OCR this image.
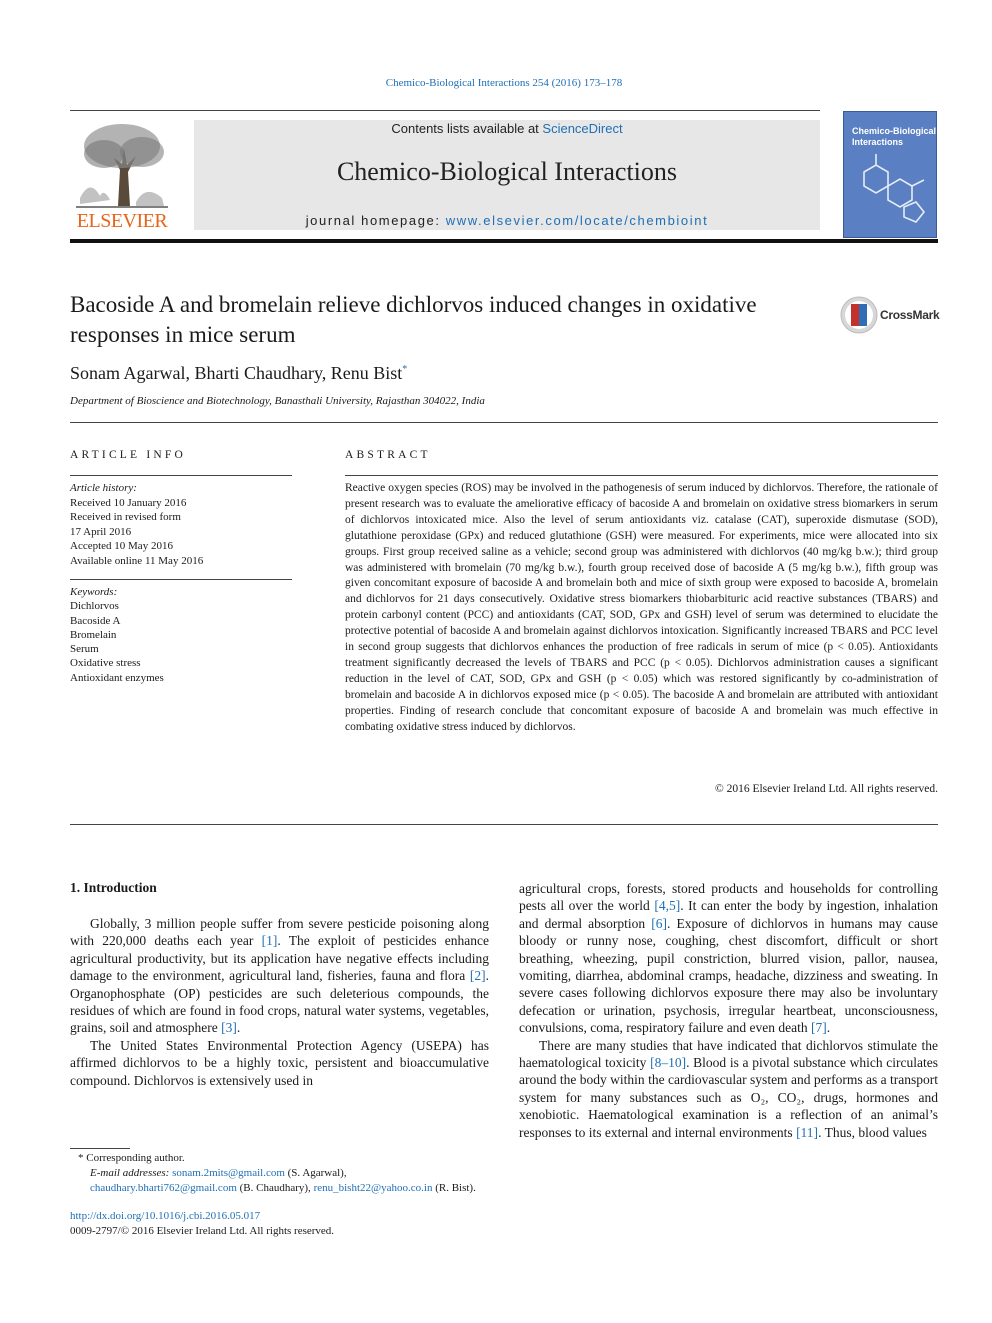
Chemico-Biological Interactions 254 (2016) 173–178
ELSEVIER
Contents lists available at ScienceDirect
Chemico-Biological Interactions
journal homepage: www.elsevier.com/locate/chembioint
Chemico-Biological Interactions
Bacoside A and bromelain relieve dichlorvos induced changes in oxidative responses in mice serum
CrossMark
Sonam Agarwal, Bharti Chaudhary, Renu Bist*
Department of Bioscience and Biotechnology, Banasthali University, Rajasthan 304022, India
ARTICLE INFO
Article history:
Received 10 January 2016
Received in revised form
17 April 2016
Accepted 10 May 2016
Available online 11 May 2016
Keywords:
Dichlorvos
Bacoside A
Bromelain
Serum
Oxidative stress
Antioxidant enzymes
ABSTRACT
Reactive oxygen species (ROS) may be involved in the pathogenesis of serum induced by dichlorvos. Therefore, the rationale of present research was to evaluate the ameliorative efficacy of bacoside A and bromelain on oxidative stress biomarkers in serum of dichlorvos intoxicated mice. Also the level of serum antioxidants viz. catalase (CAT), superoxide dismutase (SOD), glutathione peroxidase (GPx) and reduced glutathione (GSH) were measured. For experiments, mice were allocated into six groups. First group received saline as a vehicle; second group was administered with dichlorvos (40 mg/kg b.w.); third group was administered with bromelain (70 mg/kg b.w.), fourth group received dose of bacoside A (5 mg/kg b.w.), fifth group was given concomitant exposure of bacoside A and bromelain both and mice of sixth group were exposed to bacoside A, bromelain and dichlorvos for 21 days consecutively. Oxidative stress biomarkers thiobarbituric acid reactive substances (TBARS) and protein carbonyl content (PCC) and antioxidants (CAT, SOD, GPx and GSH) level of serum was determined to elucidate the protective potential of bacoside A and bromelain against dichlorvos intoxication. Significantly increased TBARS and PCC level in second group suggests that dichlorvos enhances the production of free radicals in serum of mice (p < 0.05). Antioxidants treatment significantly decreased the levels of TBARS and PCC (p < 0.05). Dichlorvos administration causes a significant reduction in the level of CAT, SOD, GPx and GSH (p < 0.05) which was restored significantly by co-administration of bromelain and bacoside A in dichlorvos exposed mice (p < 0.05). The bacoside A and bromelain are attributed with antioxidant properties. Finding of research conclude that concomitant exposure of bacoside A and bromelain was much effective in combating oxidative stress induced by dichlorvos.
© 2016 Elsevier Ireland Ltd. All rights reserved.
1. Introduction

Globally, 3 million people suffer from severe pesticide poisoning along with 220,000 deaths each year [1]. The exploit of pesticides enhance agricultural productivity, but its application have negative effects including damage to the environment, agricultural land, fisheries, fauna and flora [2]. Organophosphate (OP) pesticides are such deleterious compounds, the residues of which are found in food crops, natural water systems, vegetables, grains, soil and atmosphere [3].

The United States Environmental Protection Agency (USEPA) has affirmed dichlorvos to be a highly toxic, persistent and bioaccumulative compound. Dichlorvos is extensively used in

agricultural crops, forests, stored products and households for controlling pests all over the world [4,5]. It can enter the body by ingestion, inhalation and dermal absorption [6]. Exposure of dichlorvos in humans may cause bloody or runny nose, coughing, chest discomfort, difficult or short breathing, wheezing, pupil constriction, blurred vision, pallor, nausea, vomiting, diarrhea, abdominal cramps, headache, dizziness and sweating. In severe cases following dichlorvos exposure there may also be involuntary defecation or urination, psychosis, irregular heartbeat, unconsciousness, convulsions, coma, respiratory failure and even death [7].

There are many studies that have indicated that dichlorvos stimulate the haematological toxicity [8–10]. Blood is a pivotal substance which circulates around the body within the cardiovascular system and performs as a transport system for many substances such as O₂, CO₂, drugs, hormones and xenobiotic. Haematological examination is a reflection of an animal’s responses to its external and internal environments [11]. Thus, blood values

* Corresponding author.
E-mail addresses: sonam.2mits@gmail.com (S. Agarwal), chaudhary.bharti762@gmail.com (B. Chaudhary), renu_bisht22@yahoo.co.in (R. Bist).
http://dx.doi.org/10.1016/j.cbi.2016.05.017
0009-2797/© 2016 Elsevier Ireland Ltd. All rights reserved.
